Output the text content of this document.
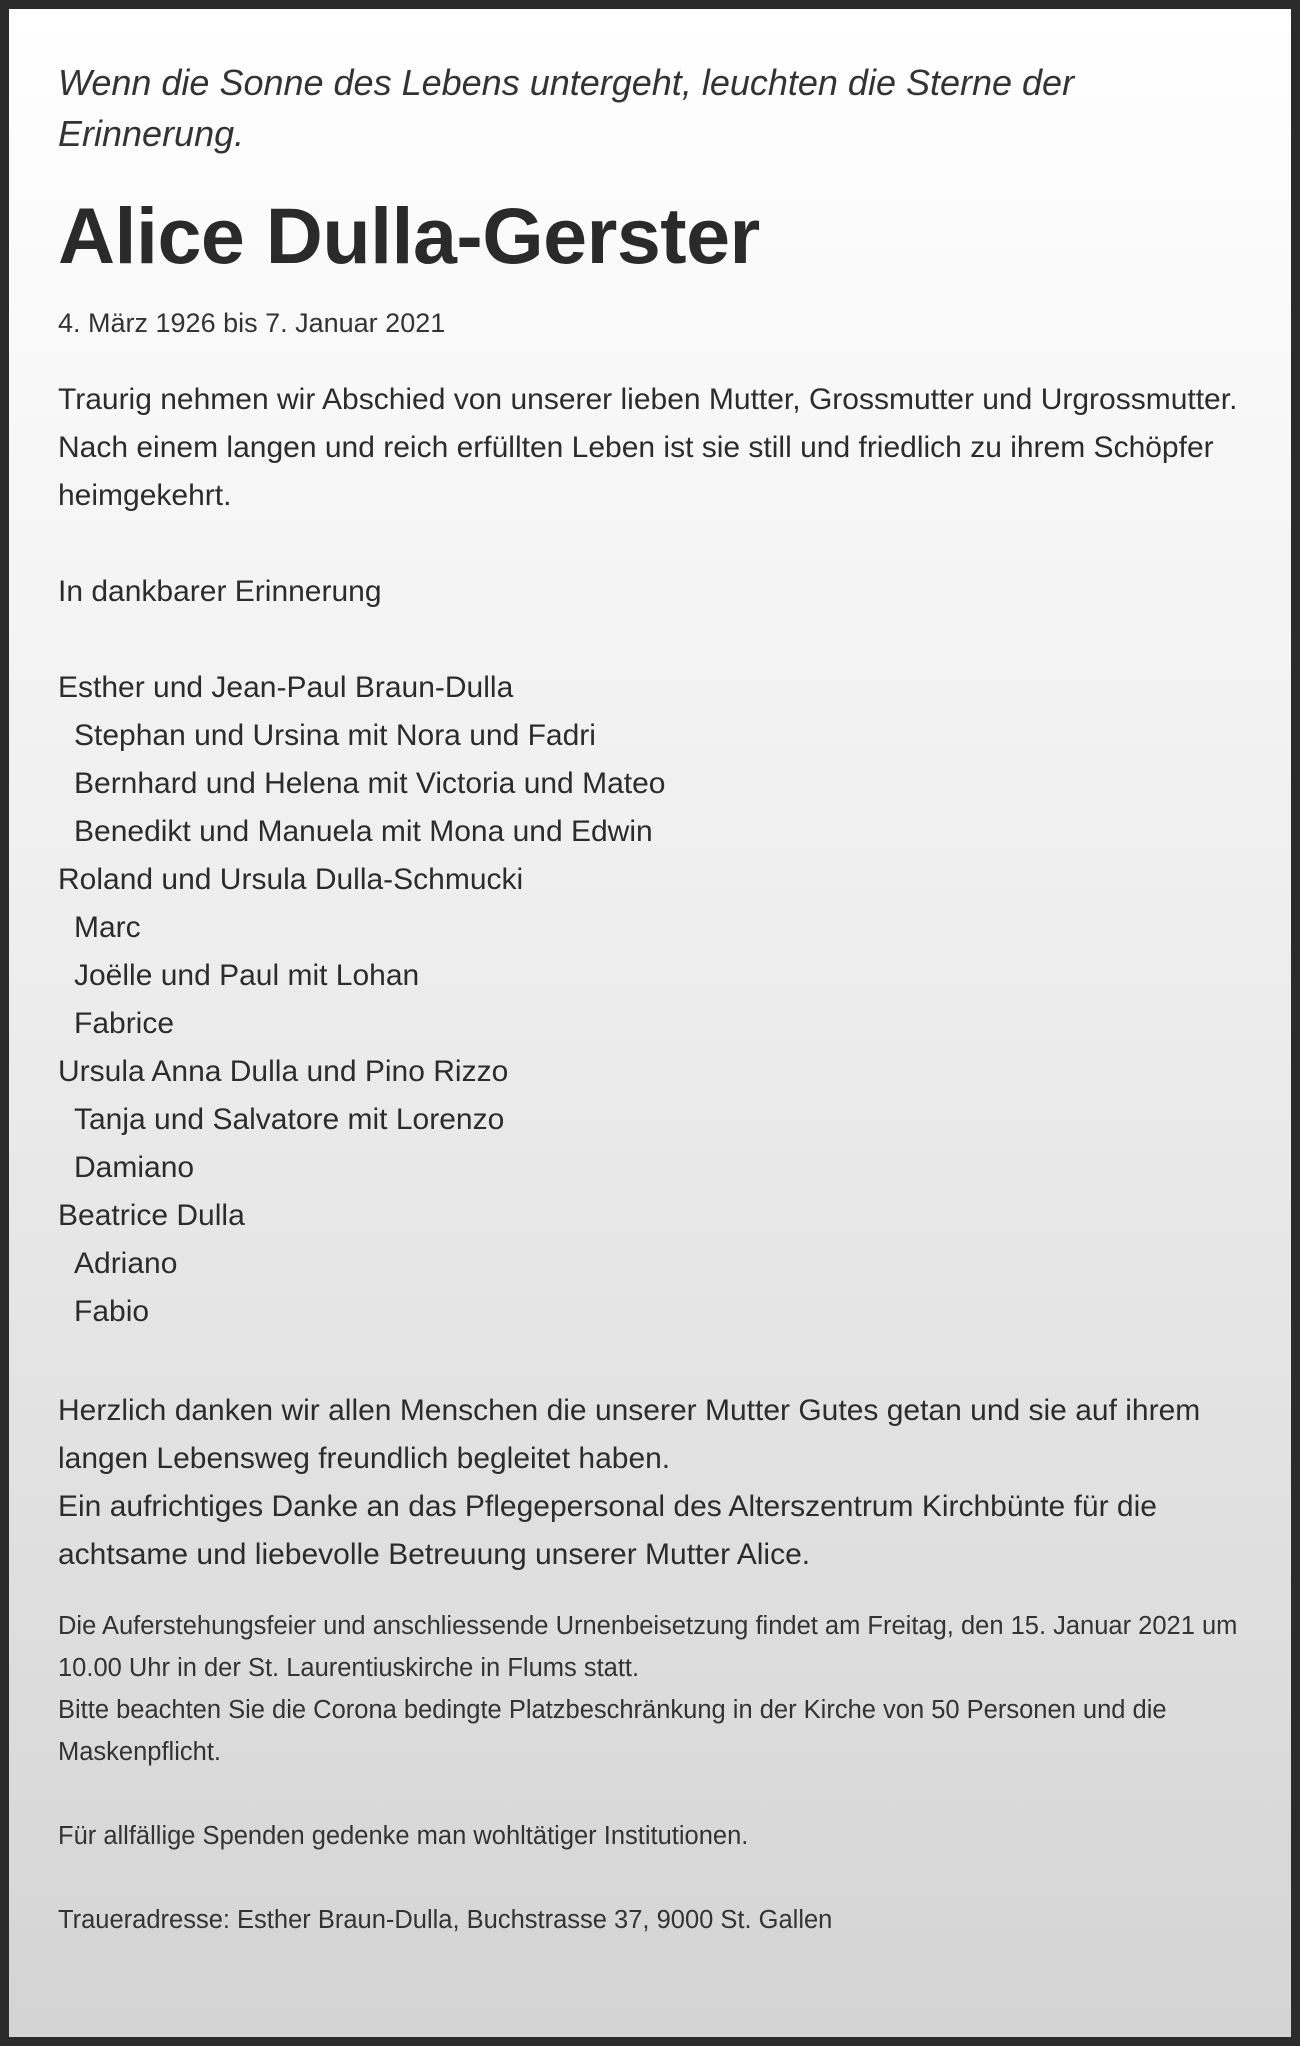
Wenn die Sonne des Lebens untergeht, leuchten die Sterne der Erinnerung.

Alice Dulla-Gerster

4. März 1926 bis 7. Januar 2021

Traurig nehmen wir Abschied von unserer lieben Mutter, Grossmutter und Urgrossmutter. Nach einem langen und reich erfüllten Leben ist sie still und friedlich zu ihrem Schöpfer heimgekehrt.

In dankbarer Erinnerung

Esther und Jean-Paul Braun-Dulla
Stephan und Ursina mit Nora und Fadri
Bernhard und Helena mit Victoria und Mateo
Benedikt und Manuela mit Mona und Edwin
Roland und Ursula Dulla-Schmucki
Marc
Joëlle und Paul mit Lohan
Fabrice
Ursula Anna Dulla und Pino Rizzo
Tanja und Salvatore mit Lorenzo
Damiano
Beatrice Dulla
Adriano
Fabio

Herzlich danken wir allen Menschen die unserer Mutter Gutes getan und sie auf ihrem langen Lebensweg freundlich begleitet haben.

Ein aufrichtiges Danke an das Pflegepersonal des Alterszentrum Kirchbünte für die achtsame und liebevolle Betreuung unserer Mutter Alice.

Die Auferstehungsfeier und anschliessende Urnenbeisetzung findet am Freitag, den 15. Januar 2021 um 10.00 Uhr in der St. Laurentiuskirche in Flums statt.

Bitte beachten Sie die Corona bedingte Platzbeschränkung in der Kirche von 50 Personen und die Maskenpflicht.

Für allfällige Spenden gedenke man wohltätiger Institutionen.

Traueradresse: Esther Braun-Dulla, Buchstrasse 37, 9000 St. Gallen
